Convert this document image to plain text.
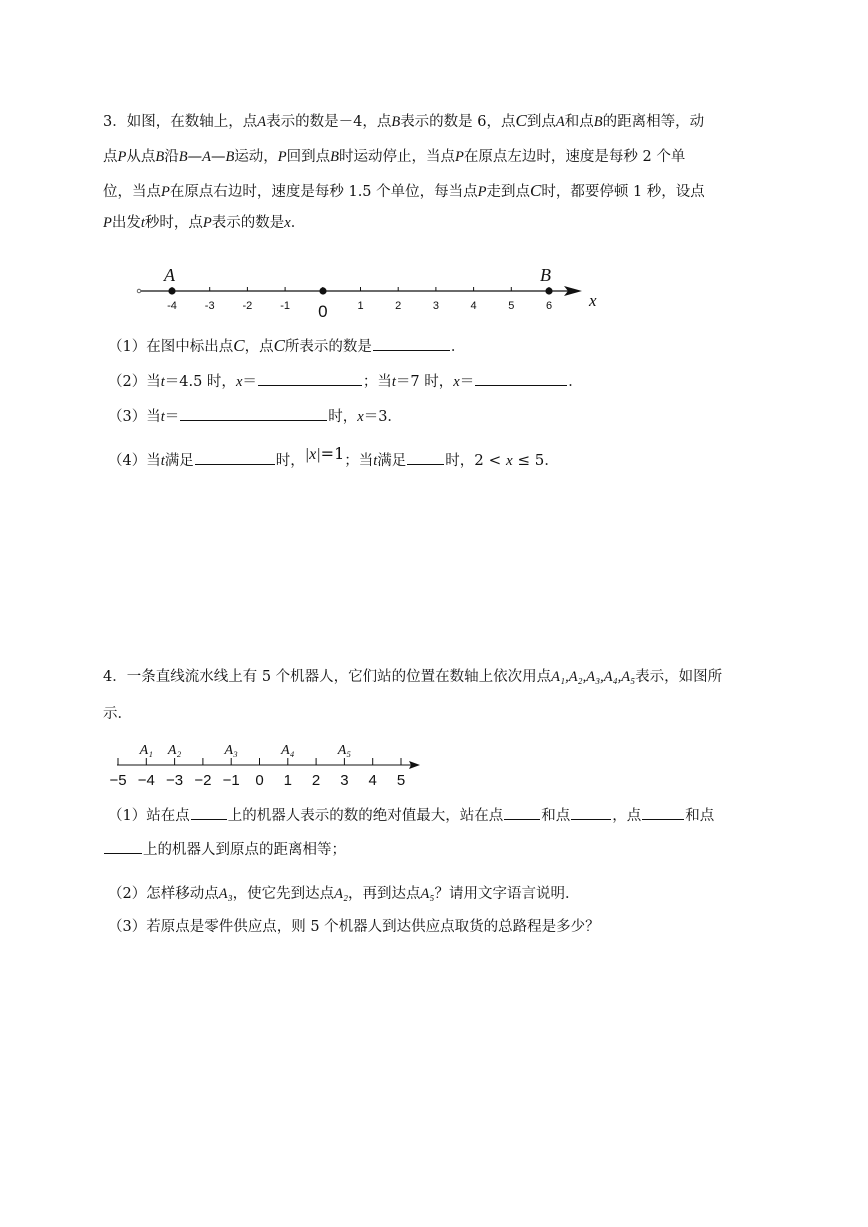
3．如图，在数轴上，点A表示的数是－4，点B表示的数是 6，点C到点A和点B的距离相等，动
点P从点B沿B—A—B运动，P回到点B时运动停止，当点P在原点左边时，速度是每秒 2 个单
位，当点P在原点右边时，速度是每秒 1.5 个单位，每当点P走到点C时，都要停顿 1 秒，设点
P出发t秒时，点P表示的数是x．
-4	-3	-2	-1 0	1	2	3	4	5	6
A	B
x
（1）在图中标出点C，点C所表示的数是	．
（2）当t＝4.5 时，x＝	；当t＝7 时，x＝	．
（3）当t＝	时，x＝3．
（4）当t满足	时，|x|=1；当t满足	时，2 < x ≤ 5．
4．一条直线流水线上有 5 个机器人，它们站的位置在数轴上依次用点A₁,A₂,A₃,A₄,A₅表示，如图所
示．
−5 −4 −3 −2 −1 0 1 2 3 4 5
A₁ A₂	A₃	A₄	A₅
（1）站在点	上的机器人表示的数的绝对值最大，站在点	和点	，点	和点
上的机器人到原点的距离相等；
（2）怎样移动点A₃，使它先到达点A₂，再到达点A₅？请用文字语言说明．
（3）若原点是零件供应点，则 5 个机器人到达供应点取货的总路程是多少？
